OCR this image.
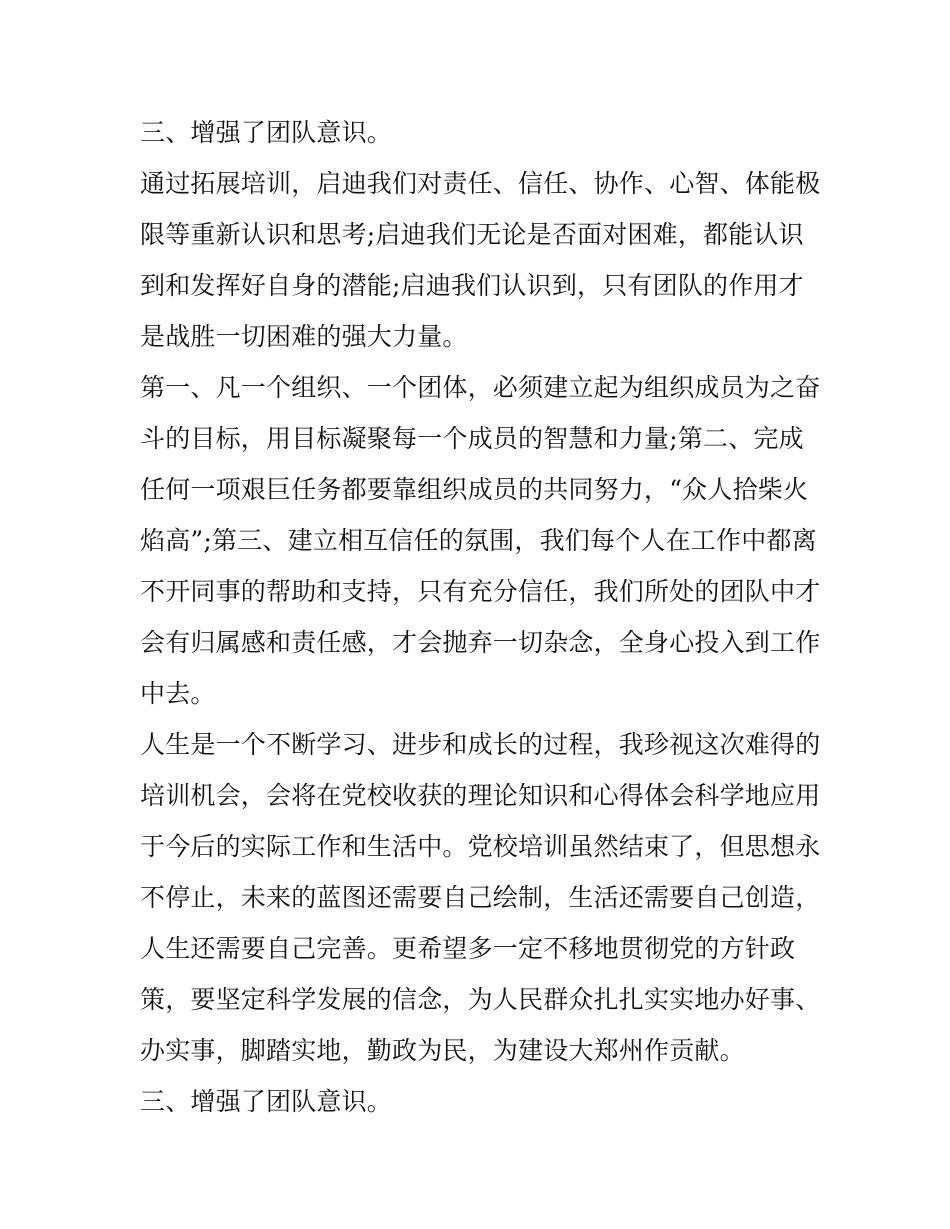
三、增强了团队意识。
通过拓展培训，启迪我们对责任、信任、协作、心智、体能极
限等重新认识和思考;启迪我们无论是否面对困难，都能认识
到和发挥好自身的潜能;启迪我们认识到，只有团队的作用才
是战胜一切困难的强大力量。
第一、凡一个组织、一个团体，必须建立起为组织成员为之奋
斗的目标，用目标凝聚每一个成员的智慧和力量;第二、完成
任何一项艰巨任务都要靠组织成员的共同努力，“众人拾柴火
焰高”;第三、建立相互信任的氛围，我们每个人在工作中都离
不开同事的帮助和支持，只有充分信任，我们所处的团队中才
会有归属感和责任感，才会抛弃一切杂念，全身心投入到工作
中去。
人生是一个不断学习、进步和成长的过程，我珍视这次难得的
培训机会，会将在党校收获的理论知识和心得体会科学地应用
于今后的实际工作和生活中。党校培训虽然结束了，但思想永
不停止，未来的蓝图还需要自己绘制，生活还需要自己创造，
人生还需要自己完善。更希望多一定不移地贯彻党的方针政
策，要坚定科学发展的信念，为人民群众扎扎实实地办好事、
办实事，脚踏实地，勤政为民，为建设大郑州作贡献。
三、增强了团队意识。
